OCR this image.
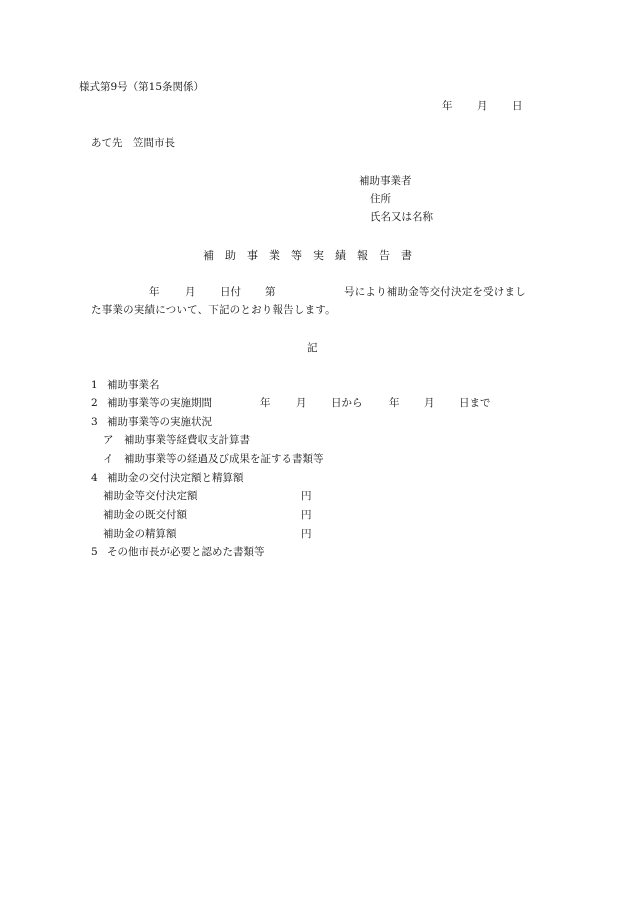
様式第9号（第15条関係）
年 月 日
あて先　笠間市長
補助事業者
住所
氏名又は名称
補助事業等実績報告書
年 月 日付 第	号により補助金等交付決定を受けまし
た事業の実績について、下記のとおり報告します。
記
1 補助事業名
2 補助事業等の実施期間	年 月 日から	年 月 日まで
3 補助事業等の実施状況
ア　補助事業等経費収支計算書
イ　補助事業等の経過及び成果を証する書類等
4 補助金の交付決定額と精算額
補助金等交付決定額	円
補助金の既交付額	円
補助金の精算額	円
5 その他市長が必要と認めた書類等
